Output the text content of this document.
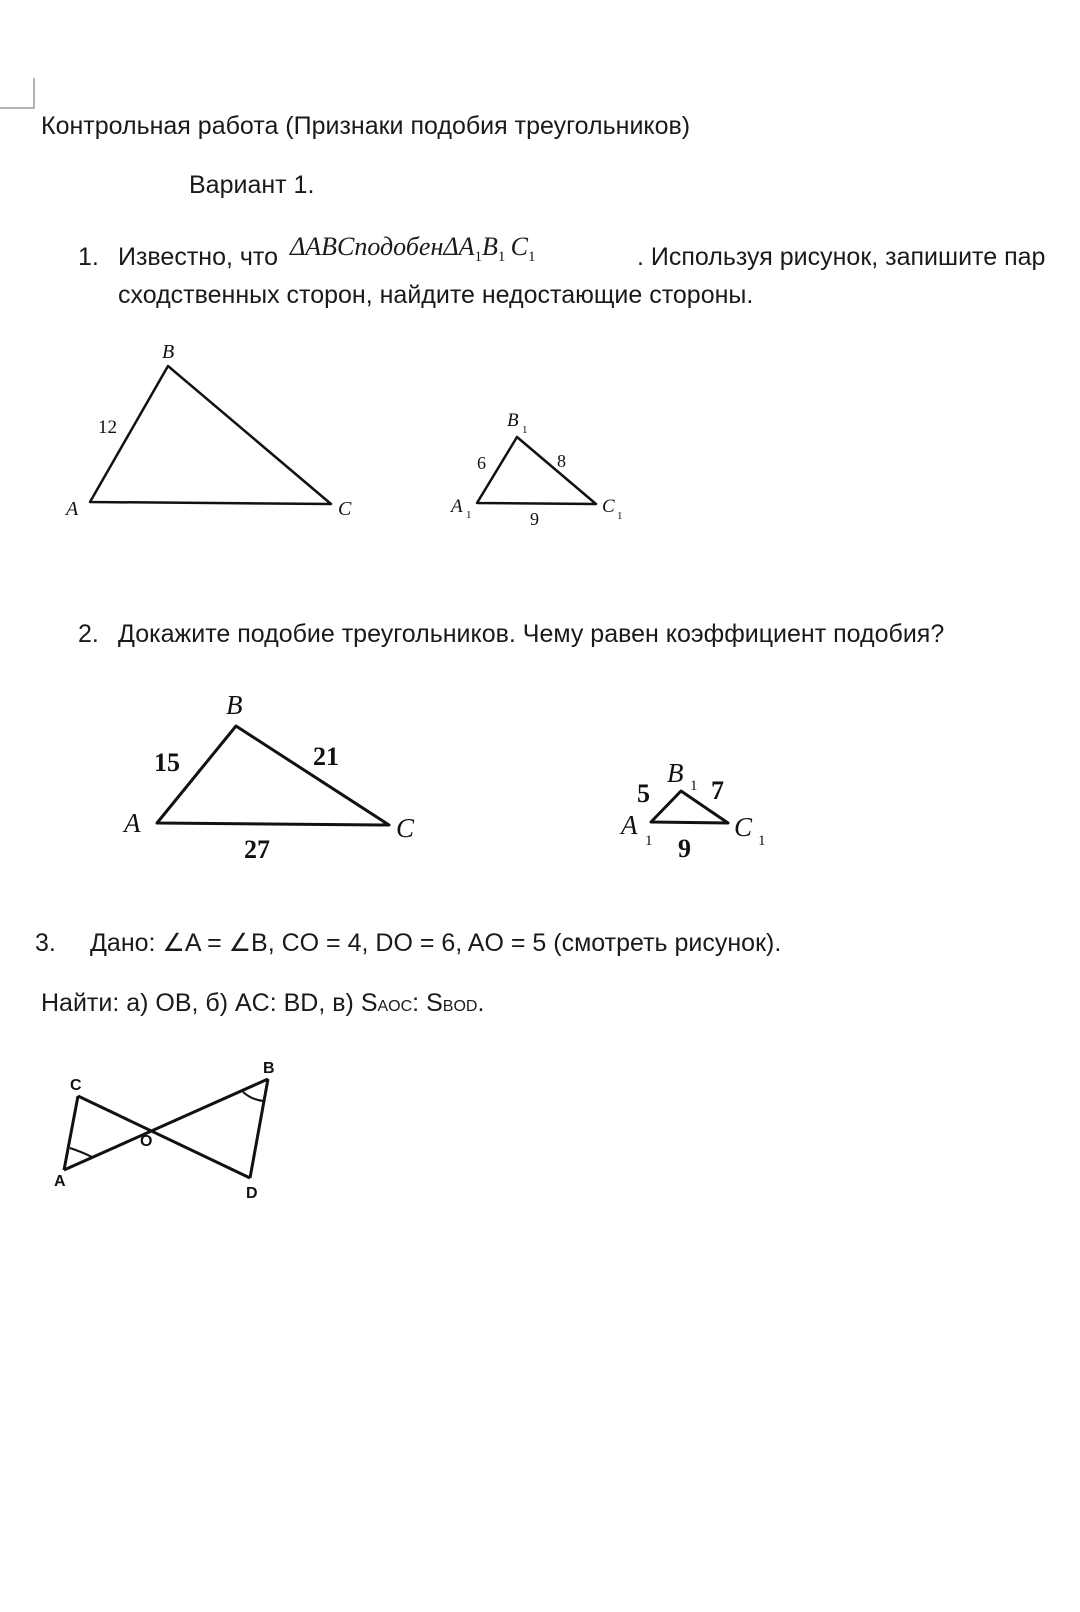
Контрольная работа (Признаки подобия треугольников)
Вариант 1.
1. Известно, что $\Delta ABCподобен\Delta A_1B_1$  $C_1$	. Используя рисунок, запишите пар
сходственных сторон, найдите недостающие стороны.
B
A	C
12	B 1
A 1	C 1
6	8
9
2. Докажите подобие треугольников. Чему равен коэффициент подобия?
B
A	C
15	21
27
B 1
A
1	C 1
5 7
9
3. Дано: ∠A = ∠B, CO = 4, DO = 6, AO = 5 (смотреть рисунок).
Найти: а) OB, б) AC: BD, в) SAOC: SBOD.
C
B
O
A
D
